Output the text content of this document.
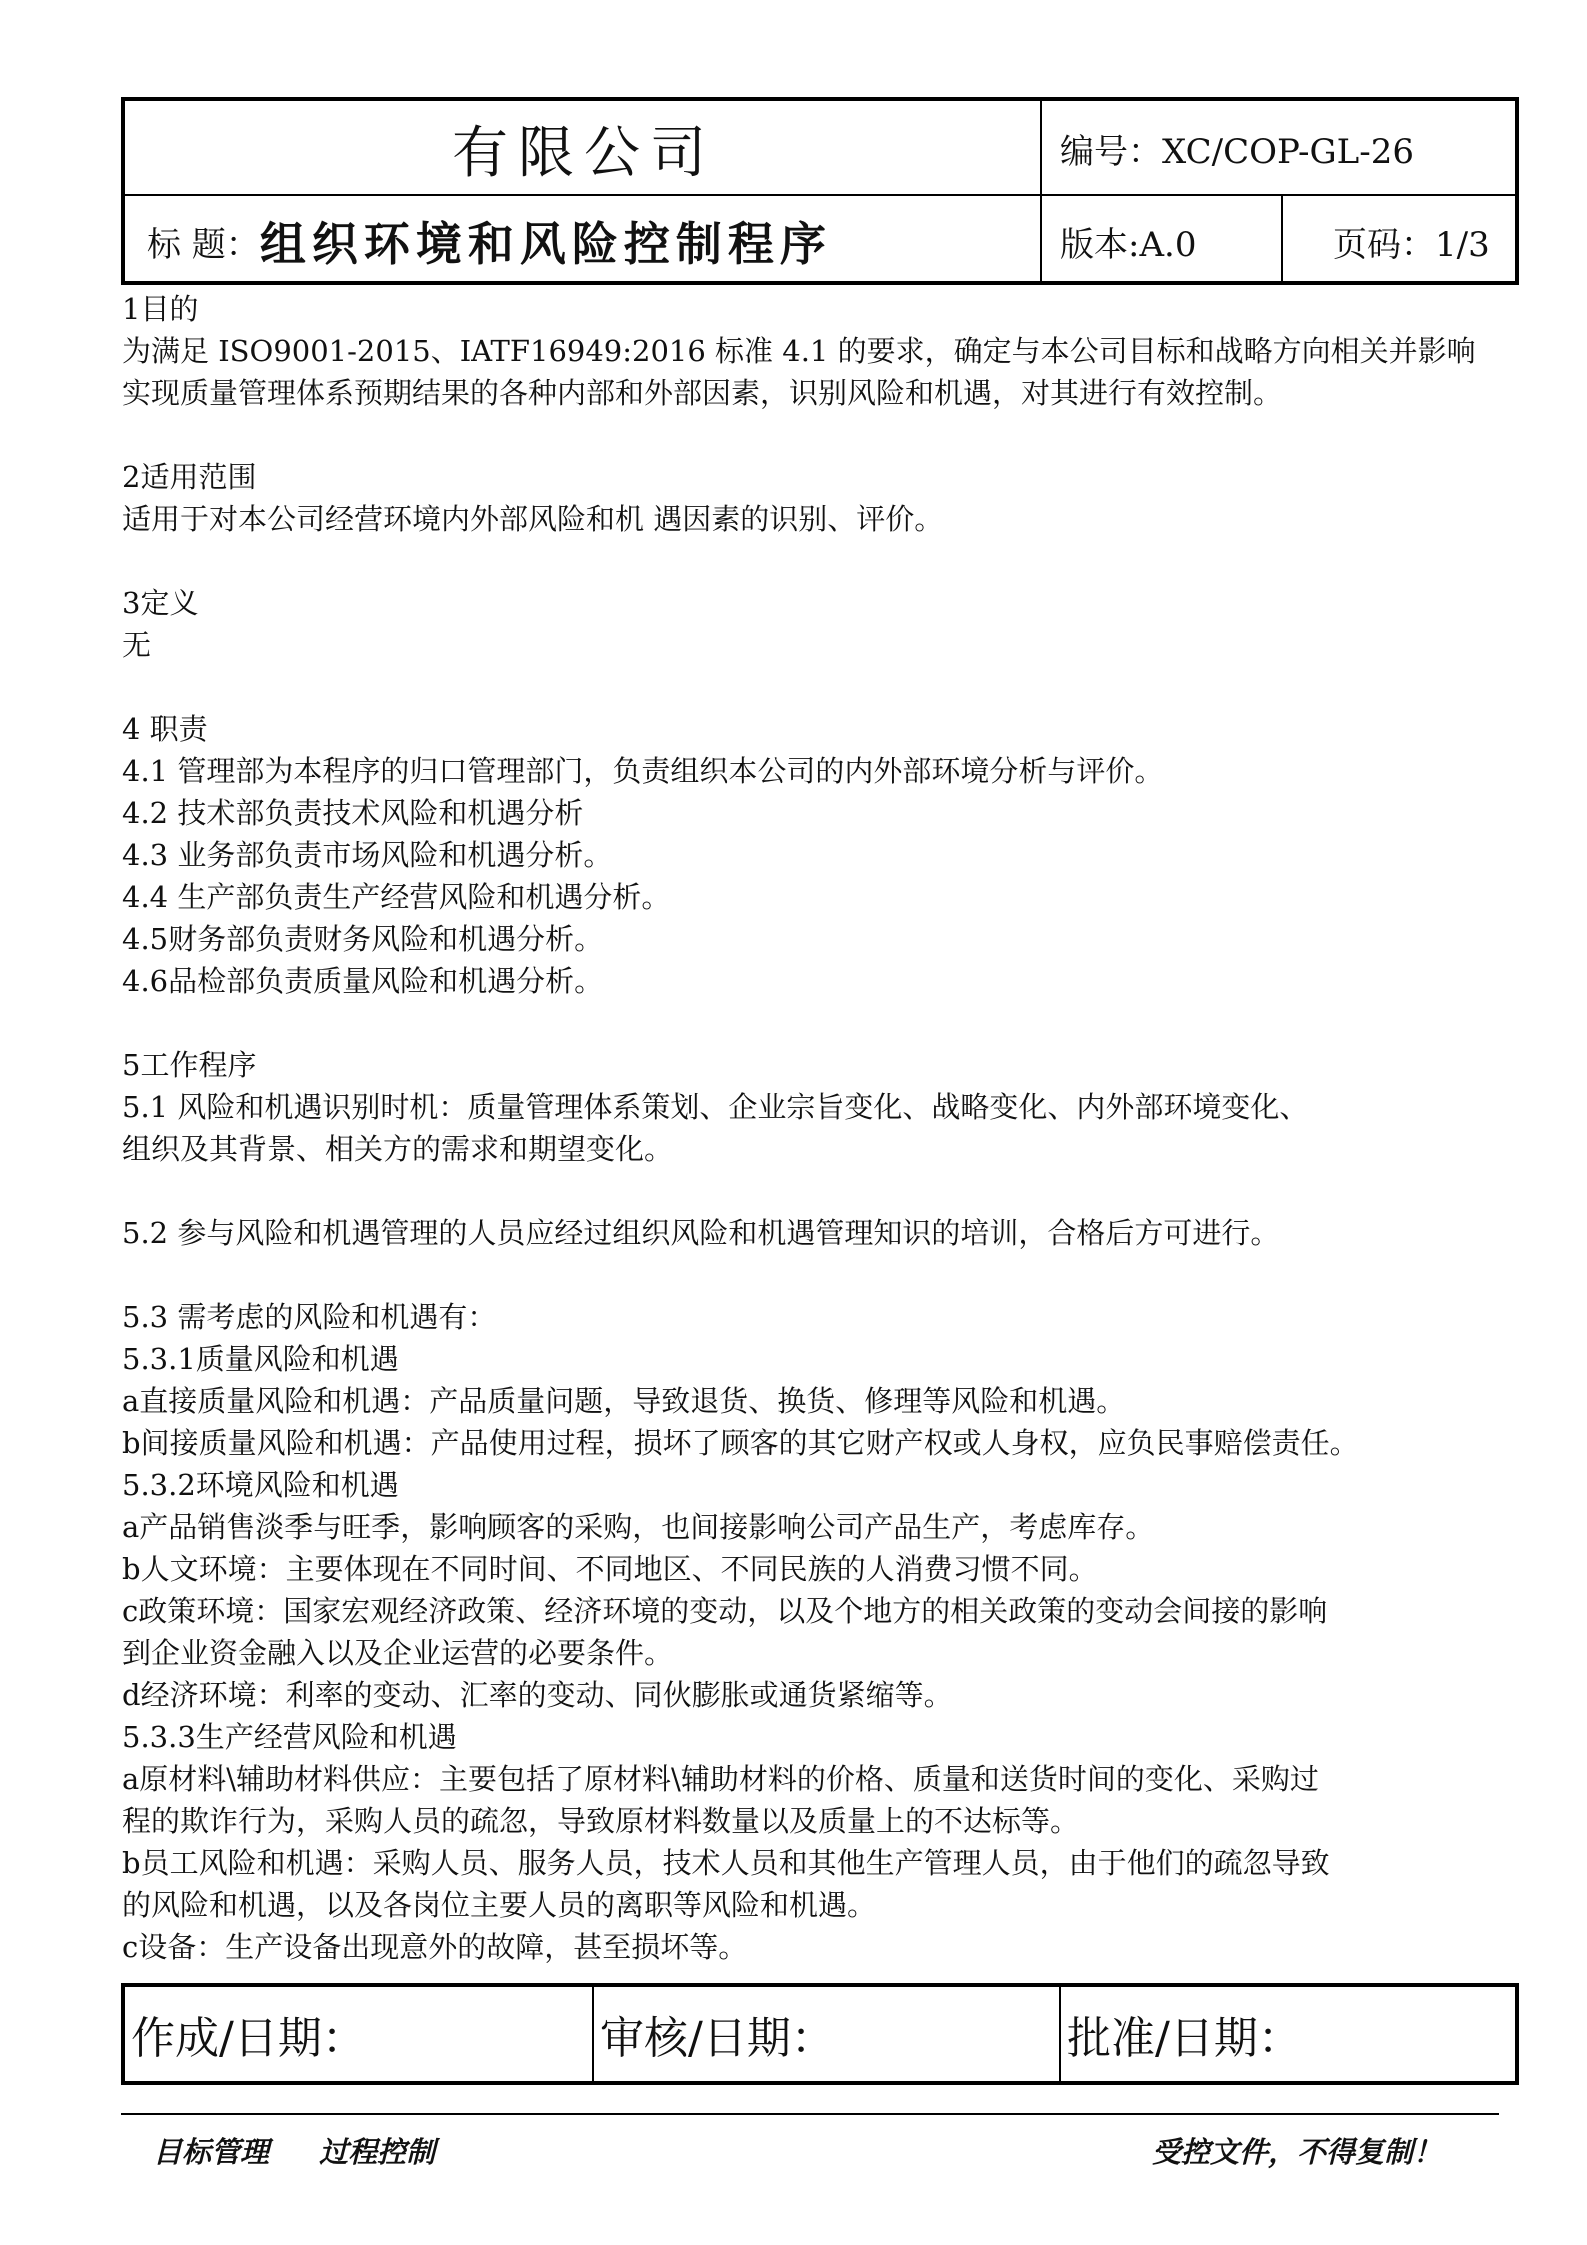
有限公司	编号：XC/COP-GL-26
标 题： 组织环境和风险控制程序	版本:A.0	页码：1/3
1目的
为满足 ISO9001-2015、IATF16949:2016 标准 4.1 的要求，确定与本公司目标和战略方向相关并影响
实现质量管理体系预期结果的各种内部和外部因素，识别风险和机遇，对其进行有效控制。
2适用范围
适用于对本公司经营环境内外部风险和机 遇因素的识别、评价。
3定义
无
4 职责
4.1 管理部为本程序的归口管理部门，负责组织本公司的内外部环境分析与评价。
4.2 技术部负责技术风险和机遇分析
4.3 业务部负责市场风险和机遇分析。
4.4 生产部负责生产经营风险和机遇分析。
4.5财务部负责财务风险和机遇分析。
4.6品检部负责质量风险和机遇分析。
5工作程序
5.1 风险和机遇识别时机：质量管理体系策划、企业宗旨变化、战略变化、内外部环境变化、
组织及其背景、相关方的需求和期望变化。
5.2 参与风险和机遇管理的人员应经过组织风险和机遇管理知识的培训，合格后方可进行。
5.3 需考虑的风险和机遇有：
5.3.1质量风险和机遇
a直接质量风险和机遇：产品质量问题，导致退货、换货、修理等风险和机遇。
b间接质量风险和机遇：产品使用过程，损坏了顾客的其它财产权或人身权，应负民事赔偿责任。
5.3.2环境风险和机遇
a产品销售淡季与旺季，影响顾客的采购，也间接影响公司产品生产，考虑库存。
b人文环境：主要体现在不同时间、不同地区、不同民族的人消费习惯不同。
c政策环境：国家宏观经济政策、经济环境的变动，以及个地方的相关政策的变动会间接的影响
到企业资金融入以及企业运营的必要条件。
d经济环境：利率的变动、汇率的变动、同伙膨胀或通货紧缩等。
5.3.3生产经营风险和机遇
a原材料\辅助材料供应：主要包括了原材料\辅助材料的价格、质量和送货时间的变化、采购过
程的欺诈行为，采购人员的疏忽，导致原材料数量以及质量上的不达标等。
b员工风险和机遇：采购人员、服务人员，技术人员和其他生产管理人员，由于他们的疏忽导致
的风险和机遇，以及各岗位主要人员的离职等风险和机遇。
c设备：生产设备出现意外的故障，甚至损坏等。
作成/日期：	审核/日期：	批准/日期：
目标管理 过程控制	受控文件，不得复制！
